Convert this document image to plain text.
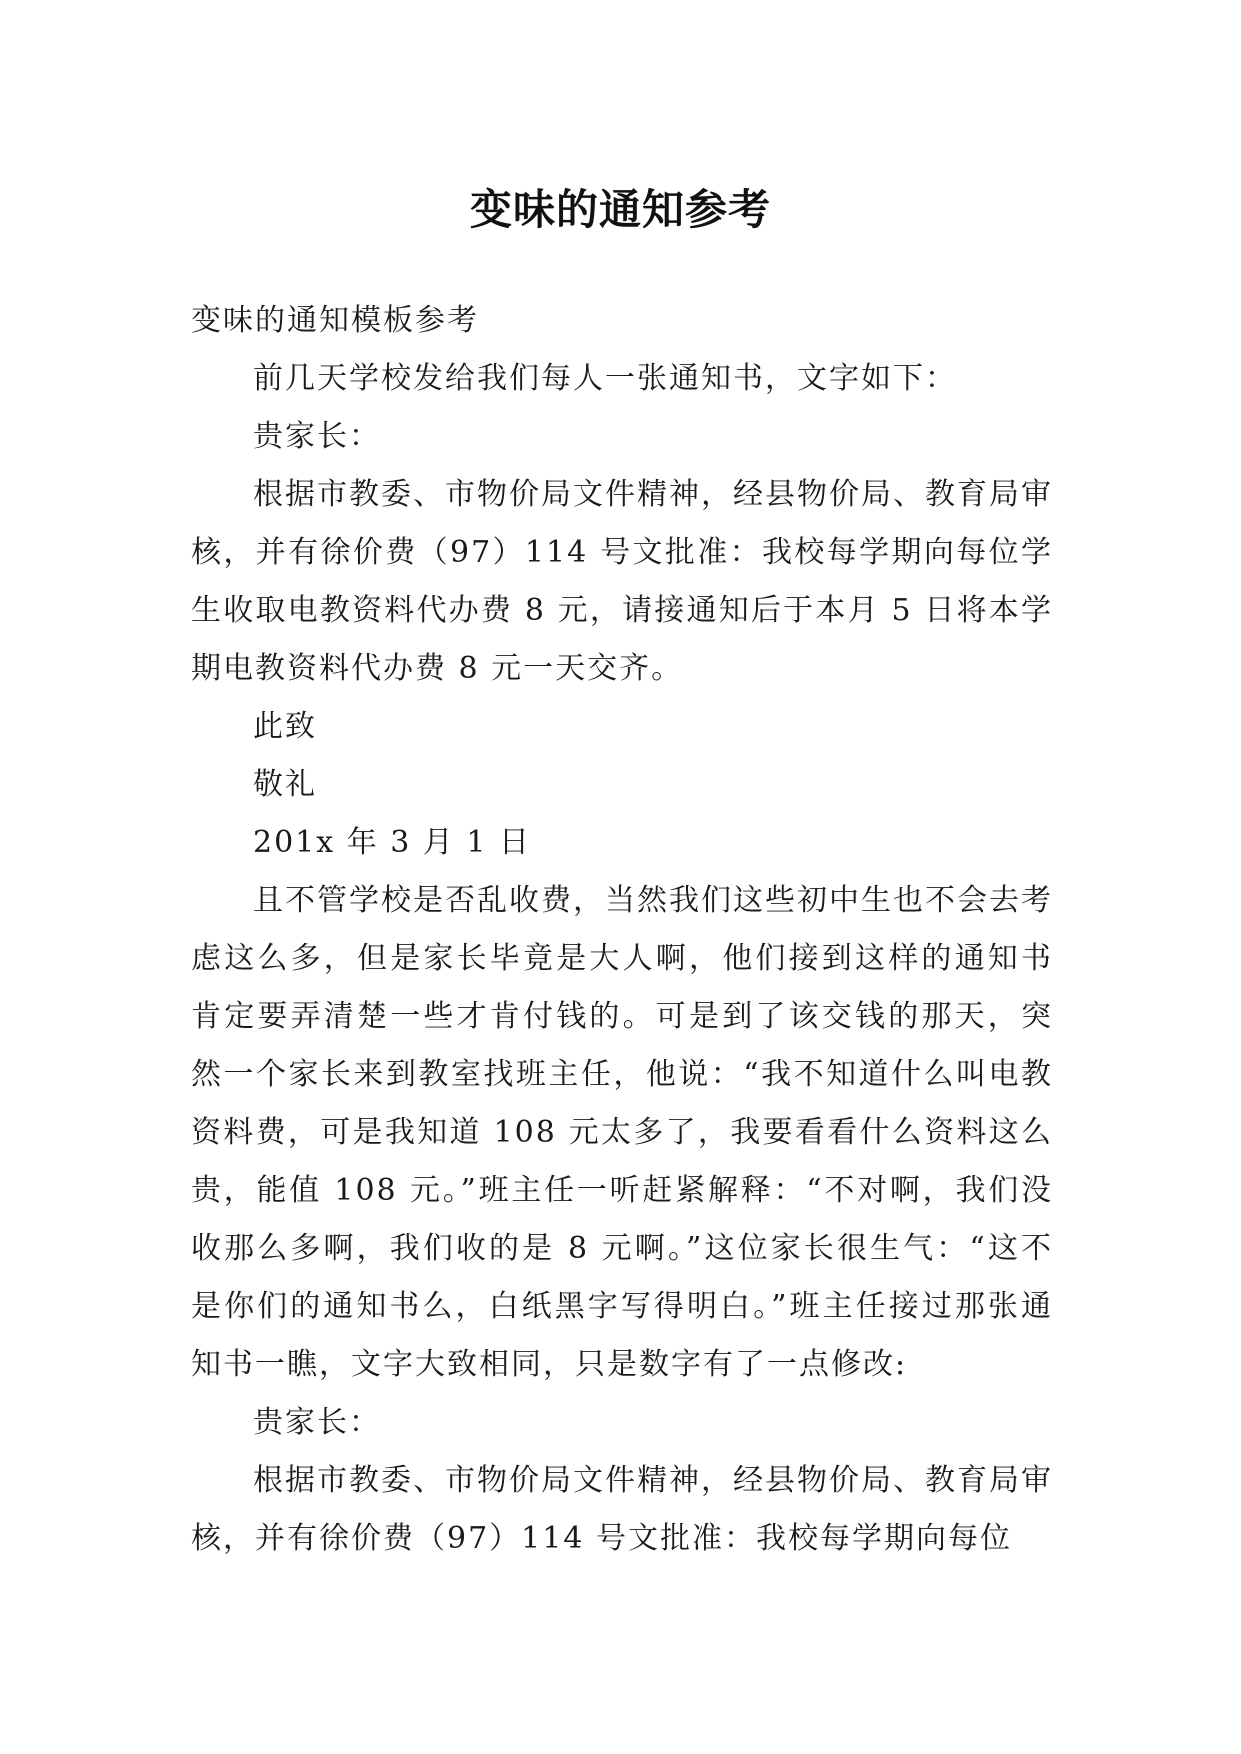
变味的通知参考

变味的通知模板参考

前几天学校发给我们每人一张通知书，文字如下：

贵家长：

根据市教委、市物价局文件精神，经县物价局、教育局审核，并有徐价费（97）114 号文批准：我校每学期向每位学生收取电教资料代办费 8 元，请接通知后于本月 5 日将本学期电教资料代办费 8 元一天交齐。

此致

敬礼

201x 年 3 月 1 日

且不管学校是否乱收费，当然我们这些初中生也不会去考虑这么多，但是家长毕竟是大人啊，他们接到这样的通知书肯定要弄清楚一些才肯付钱的。可是到了该交钱的那天，突然一个家长来到教室找班主任，他说：“我不知道什么叫电教资料费，可是我知道 108 元太多了，我要看看什么资料这么贵，能值 108 元。”班主任一听赶紧解释：“不对啊，我们没收那么多啊，我们收的是 8 元啊。”这位家长很生气：“这不是你们的通知书么，白纸黑字写得明白。”班主任接过那张通知书一瞧，文字大致相同，只是数字有了一点修改:

贵家长：

根据市教委、市物价局文件精神，经县物价局、教育局审核，并有徐价费（97）114 号文批准：我校每学期向每位
